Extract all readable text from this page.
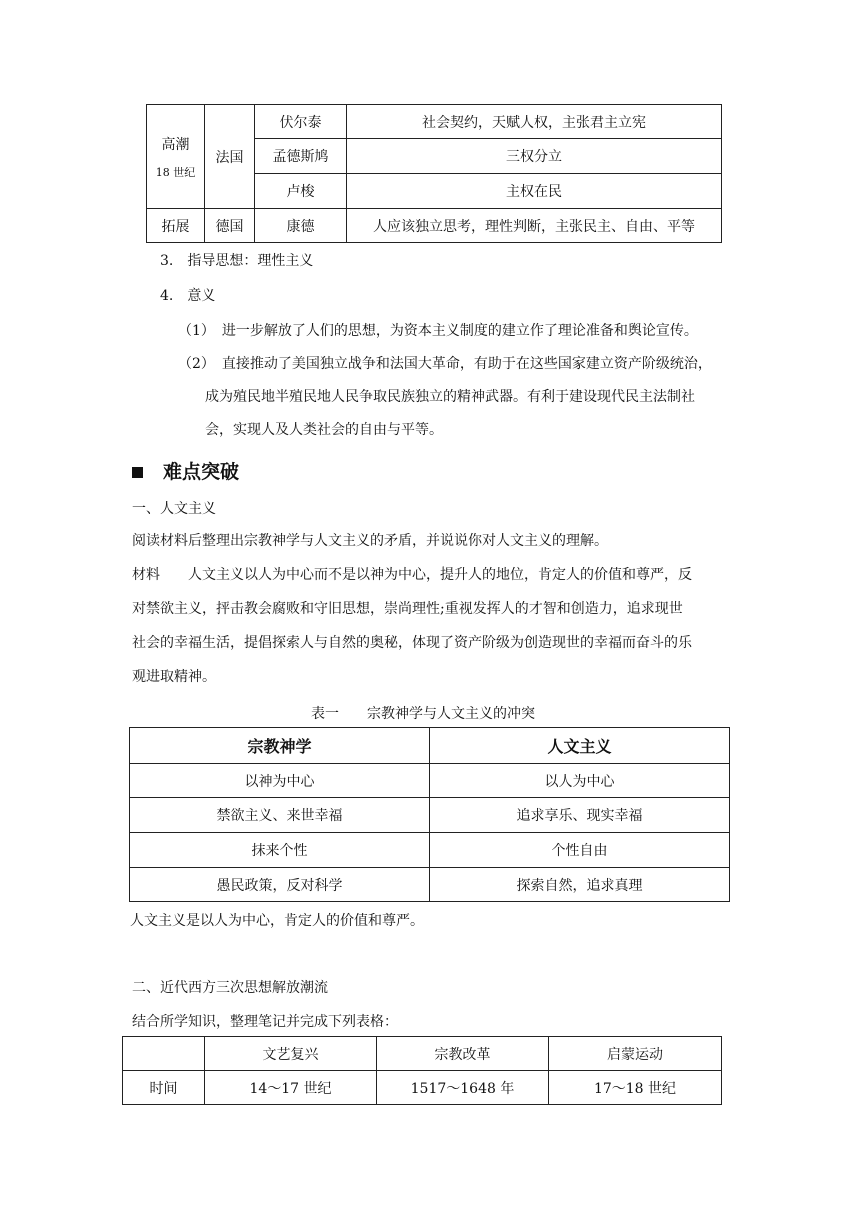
高潮
18 世纪	法国	伏尔泰	社会契约，天赋人权，主张君主立宪
		孟德斯鸠	三权分立
		卢梭	主权在民
拓展	德国	康德	人应该独立思考，理性判断，主张民主、自由、平等
3.　指导思想：理性主义
4.　意义
（1）　进一步解放了人们的思想，为资本主义制度的建立作了理论准备和舆论宣传。
（2）　直接推动了美国独立战争和法国大革命，有助于在这些国家建立资产阶级统治，
成为殖民地半殖民地人民争取民族独立的精神武器。有利于建设现代民主法制社
会，实现人及人类社会的自由与平等。
难点突破
一、人文主义
阅读材料后整理出宗教神学与人文主义的矛盾，并说说你对人文主义的理解。
材料　　人文主义以人为中心而不是以神为中心，提升人的地位，肯定人的价值和尊严，反
对禁欲主义，抨击教会腐败和守旧思想，崇尚理性;重视发挥人的才智和创造力，追求现世
社会的幸福生活，提倡探索人与自然的奥秘，体现了资产阶级为创造现世的幸福而奋斗的乐
观进取精神。
表一　　宗教神学与人文主义的冲突
宗教神学	人文主义
以神为中心	以人为中心
禁欲主义、来世幸福	追求享乐、现实幸福
抹来个性	个性自由
愚民政策，反对科学	探索自然，追求真理
人文主义是以人为中心，肯定人的价值和尊严。
二、近代西方三次思想解放潮流
结合所学知识，整理笔记并完成下列表格：
	文艺复兴	宗教改革	启蒙运动
时间	14～17 世纪	1517～1648 年	17～18 世纪
